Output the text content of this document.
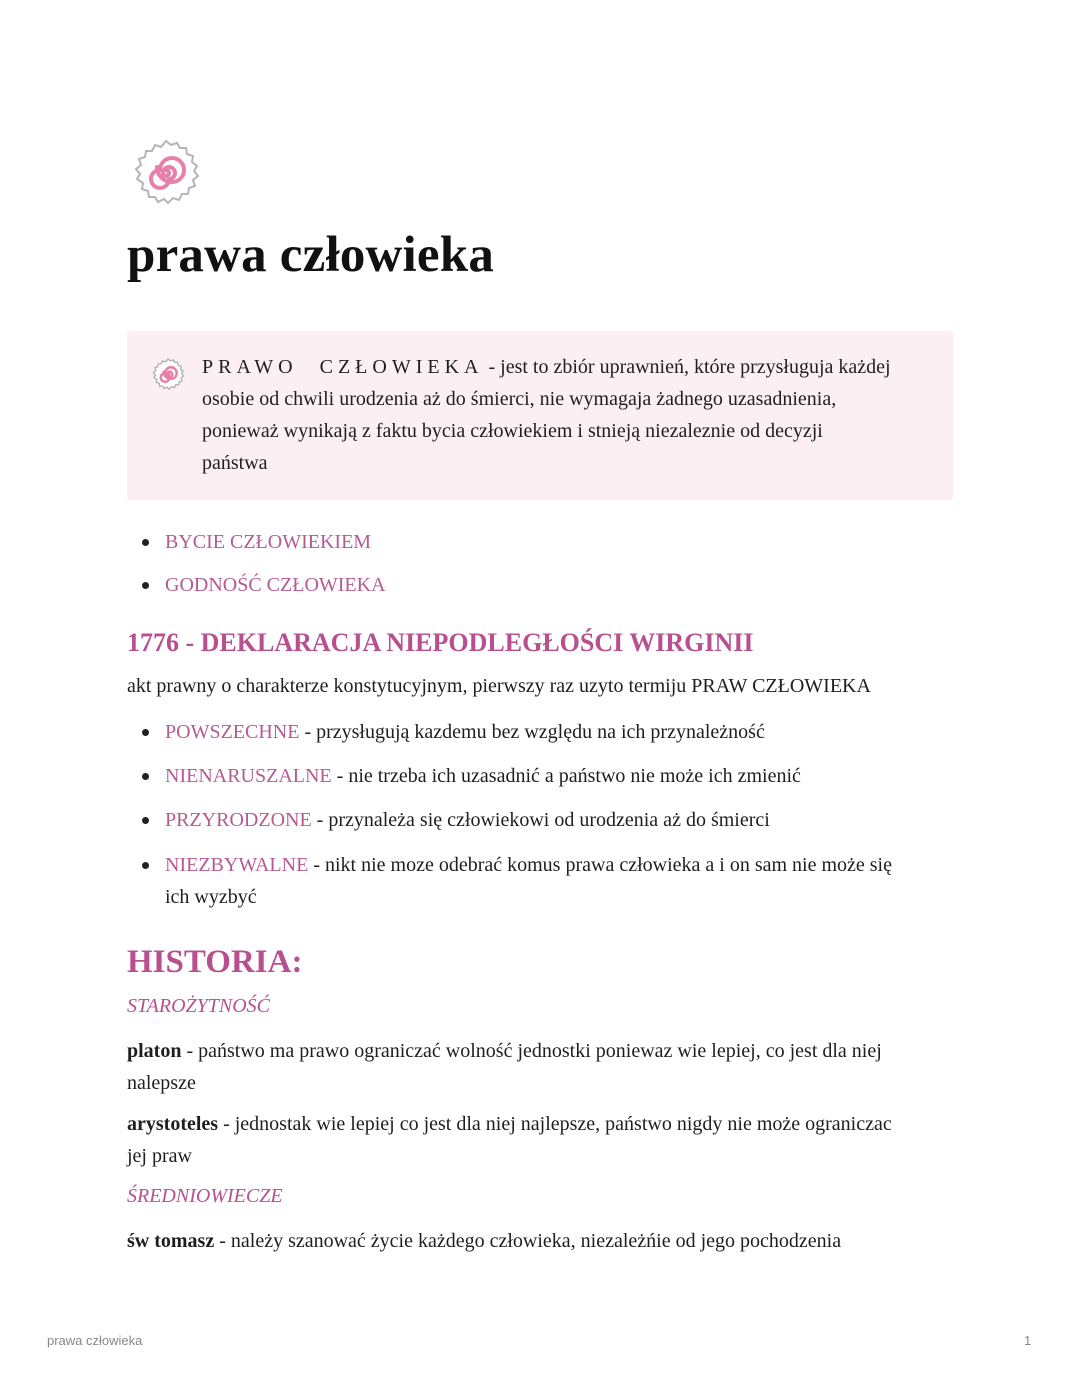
prawa człowieka
PRAWO CZŁOWIEKA - jest to zbiór uprawnień, które przysługuja każdej
osobie od chwili urodzenia aż do śmierci, nie wymagaja żadnego uzasadnienia,
ponieważ wynikają z faktu bycia człowiekiem i stnieją niezaleznie od decyzji
państwa
BYCIE CZŁOWIEKIEM
GODNOŚĆ CZŁOWIEKA
1776 - DEKLARACJA NIEPODLEGŁOŚCI WIRGINII

akt prawny o charakterze konstytucyjnym, pierwszy raz uzyto termiju PRAW CZŁOWIEKA

POWSZECHNE - przysługują kazdemu bez względu na ich przynależność
NIENARUSZALNE - nie trzeba ich uzasadnić a państwo nie może ich zmienić
PRZYRODZONE - przynależa się człowiekowi od urodzenia aż do śmierci
NIEZBYWALNE - nikt nie moze odebrać komus prawa człowieka a i on sam nie może się
ich wyzbyć
HISTORIA:

STAROŻYTNOŚĆ

platon - państwo ma prawo ograniczać wolność jednostki poniewaz wie lepiej, co jest dla niej
nalepsze

arystoteles - jednostak wie lepiej co jest dla niej najlepsze, państwo nigdy nie może ograniczac
jej praw

ŚREDNIOWIECZE

św tomasz - należy szanować życie każdego człowieka, niezależńie od jego pochodzenia

prawa człowieka	1
